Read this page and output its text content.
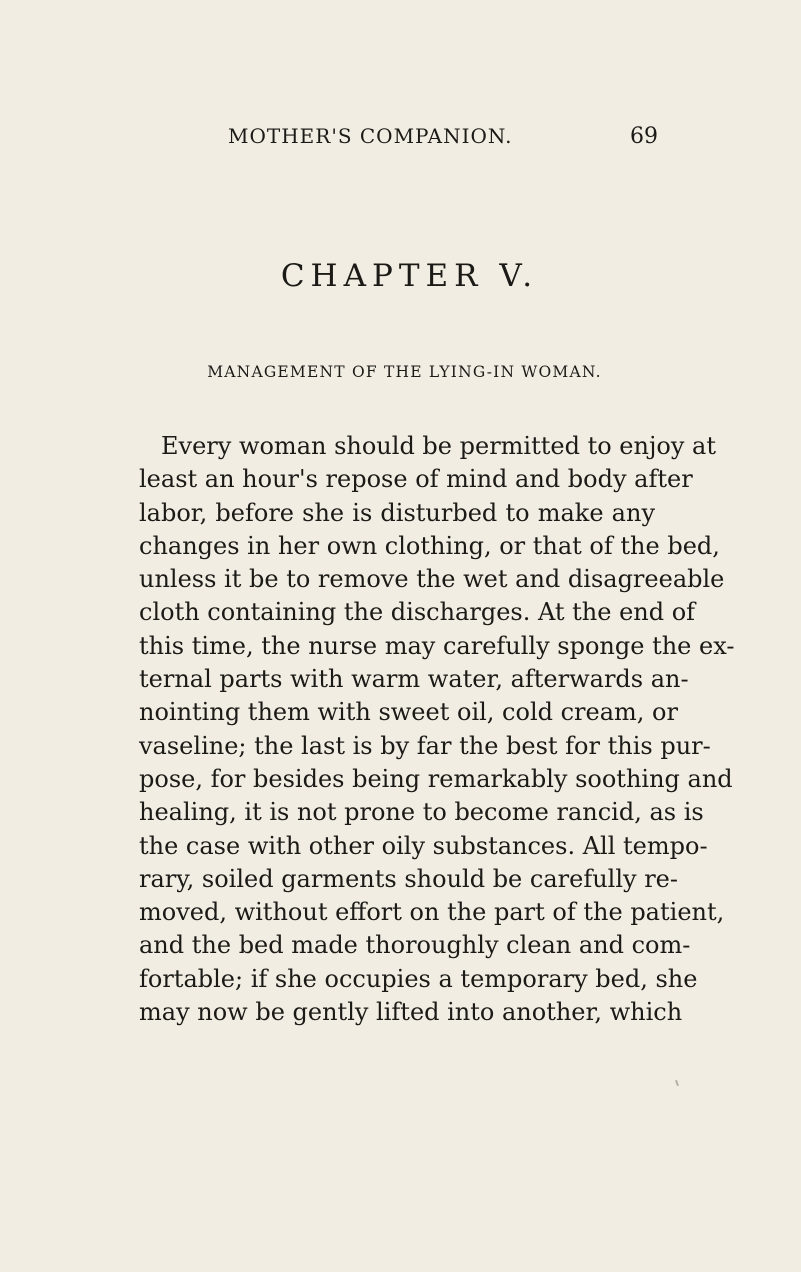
MOTHER'S COMPANION.	69
CHAPTER V.
MANAGEMENT OF THE LYING-IN WOMAN.
Every woman should be permitted to enjoy at
least an hour's repose of mind and body after
labor, before she is disturbed to make any
changes in her own clothing, or that of the bed,
unless it be to remove the wet and disagreeable
cloth containing the discharges. At the end of
this time, the nurse may carefully sponge the ex-
ternal parts with warm water, afterwards an-
nointing them with sweet oil, cold cream, or
vaseline; the last is by far the best for this pur-
pose, for besides being remarkably soothing and
healing, it is not prone to become rancid, as is
the case with other oily substances. All tempo-
rary, soiled garments should be carefully re-
moved, without effort on the part of the patient,
and the bed made thoroughly clean and com-
fortable; if she occupies a temporary bed, she
may now be gently lifted into another, which
